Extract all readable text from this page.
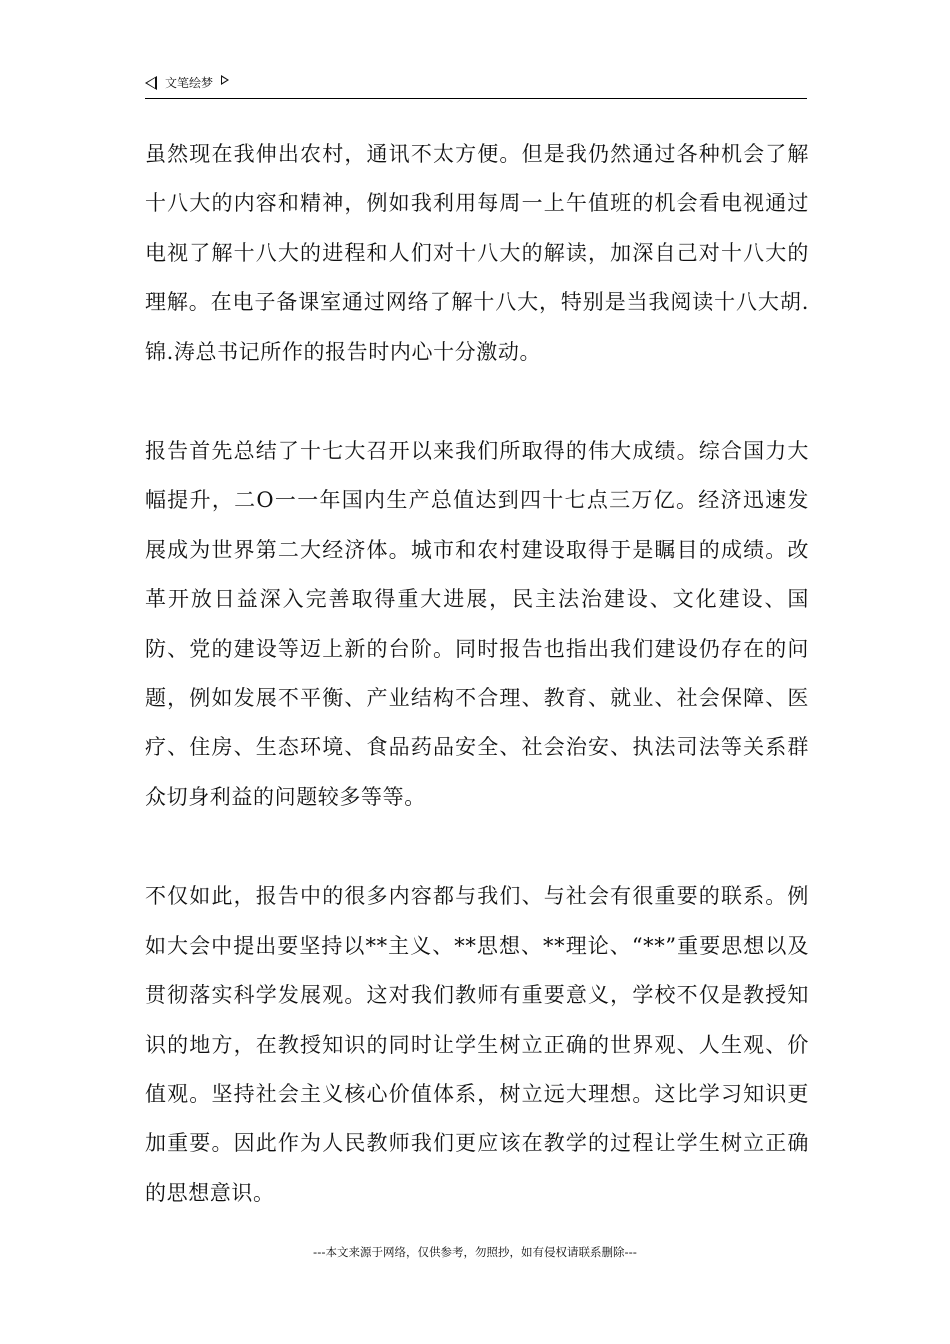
文笔绘梦

虽然现在我伸出农村，通讯不太方便。但是我仍然通过各种机会了解十八大的内容和精神，例如我利用每周一上午值班的机会看电视通过电视了解十八大的进程和人们对十八大的解读，加深自己对十八大的理解。在电子备课室通过网络了解十八大，特别是当我阅读十八大胡.锦.涛总书记所作的报告时内心十分激动。

报告首先总结了十七大召开以来我们所取得的伟大成绩。综合国力大幅提升，二O一一年国内生产总值达到四十七点三万亿。经济迅速发展成为世界第二大经济体。城市和农村建设取得于是瞩目的成绩。改革开放日益深入完善取得重大进展，民主法治建设、文化建设、国防、党的建设等迈上新的台阶。同时报告也指出我们建设仍存在的问题，例如发展不平衡、产业结构不合理、教育、就业、社会保障、医疗、住房、生态环境、食品药品安全、社会治安、执法司法等关系群众切身利益的问题较多等等。

不仅如此，报告中的很多内容都与我们、与社会有很重要的联系。例如大会中提出要坚持以**主义、**思想、**理论、“**”重要思想以及贯彻落实科学发展观。这对我们教师有重要意义，学校不仅是教授知识的地方，在教授知识的同时让学生树立正确的世界观、人生观、价值观。坚持社会主义核心价值体系，树立远大理想。这比学习知识更加重要。因此作为人民教师我们更应该在教学的过程让学生树立正确的思想意识。

---本文来源于网络，仅供参考，勿照抄，如有侵权请联系删除---
